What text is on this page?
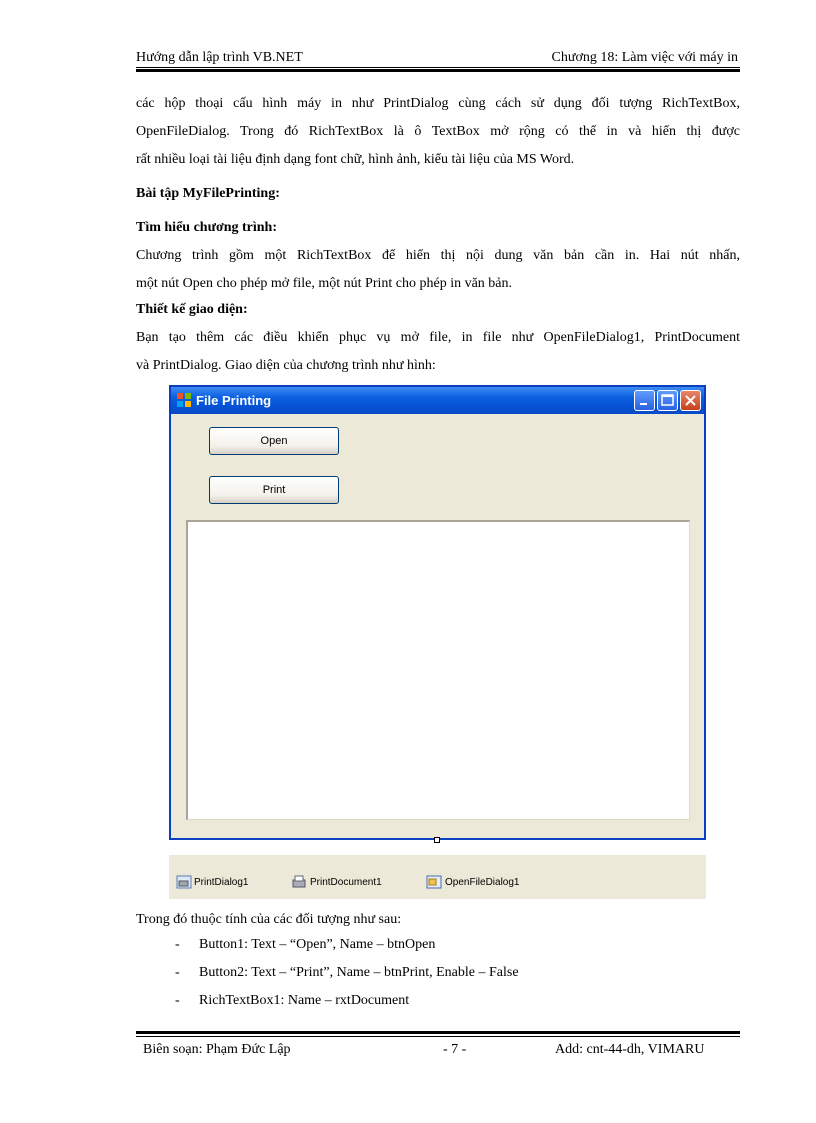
Hướng dẫn lập trình VB.NET	Chương 18: Làm việc với máy in

các hộp thoại cấu hình máy in như PrintDialog cùng cách sử dụng đối tượng RichTextBox,

OpenFileDialog. Trong đó RichTextBox là ô TextBox mở rộng có thể in và hiển thị được

rất nhiều loại tài liệu định dạng font chữ, hình ảnh, kiểu tài liệu của MS Word.

Bài tập MyFilePrinting:

Tìm hiểu chương trình:

Chương trình gồm một RichTextBox để hiển thị nội dung văn bản cần in. Hai nút nhấn,

một nút Open cho phép mở file, một nút Print cho phép in văn bản.

Thiết kế giao diện:

Bạn tạo thêm các điều khiển phục vụ mở file, in file như OpenFileDialog1, PrintDocument

và PrintDialog. Giao diện của chương trình như hình:

File Printing
Open
Print
PrintDialog1	PrintDocument1	OpenFileDialog1

Trong đó thuộc tính của các đối tượng như sau:

- Button1: Text – “Open”, Name – btnOpen
- Button2: Text – “Print”, Name – btnPrint, Enable – False
- RichTextBox1: Name – rxtDocument
Biên soạn: Phạm Đức Lập	- 7 -	Add: cnt-44-dh, VIMARU
